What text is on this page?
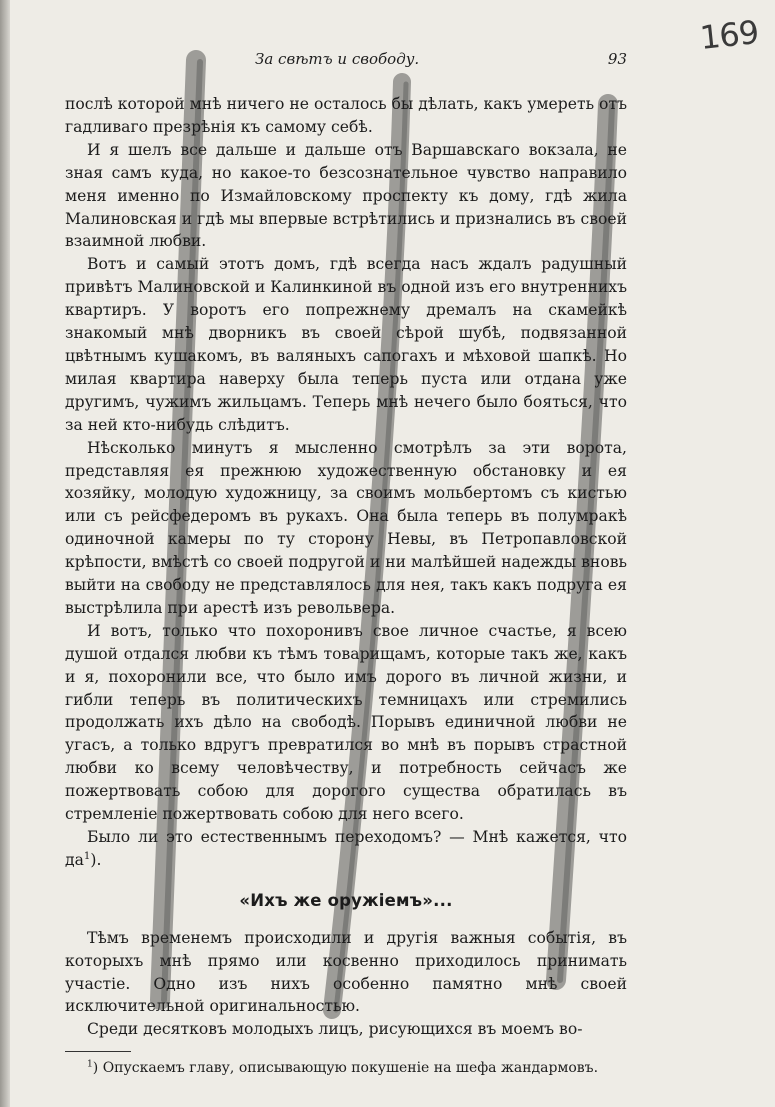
За свѣтъ и свободу.	93
169

послѣ которой мнѣ ничего не осталось бы дѣлать, какъ умереть отъ гадливаго презрѣнія къ самому себѣ.

И я шелъ все дальше и дальше отъ Варшавскаго вокзала, не зная самъ куда, но какое-то безсознательное чувство направило меня именно по Измайловскому проспекту къ дому, гдѣ жила Малиновская и гдѣ мы впервые встрѣтились и признались въ своей взаимной любви.

Вотъ и самый этотъ домъ, гдѣ всегда насъ ждалъ радушный привѣтъ Малиновской и Калинкиной въ одной изъ его внутреннихъ квартиръ. У воротъ его попрежнему дремалъ на скамейкѣ знакомый мнѣ дворникъ въ своей сѣрой шубѣ, подвязанной цвѣтнымъ кушакомъ, въ валяныхъ сапогахъ и мѣховой шапкѣ. Но милая квартира наверху была теперь пуста или отдана уже другимъ, чужимъ жильцамъ. Теперь мнѣ нечего было бояться, что за ней кто-нибудь слѣдитъ.

Нѣсколько минутъ я мысленно смотрѣлъ за эти ворота, представляя ея прежнюю художественную обстановку и ея хозяйку, молодую художницу, за своимъ мольбертомъ съ кистью или съ рейсфедеромъ въ рукахъ. Она была теперь въ полумракѣ одиночной камеры по ту сторону Невы, въ Петропавловской крѣпости, вмѣстѣ со своей подругой и ни малѣйшей надежды вновь выйти на свободу не представлялось для нея, такъ какъ подруга ея выстрѣлила при арестѣ изъ револьвера.

И вотъ, только что похоронивъ свое личное счастье, я всею душой отдался любви къ тѣмъ товарищамъ, которые такъ же, какъ и я, похоронили все, что было имъ дорого въ личной жизни, и гибли теперь въ политическихъ темницахъ или стремились продолжать ихъ дѣло на свободѣ. Порывъ единичной любви не угасъ, а только вдругъ превратился во мнѣ въ порывъ страстной любви ко всему человѣчеству, и потребность сейчасъ же пожертвовать собою для дорогого существа обратилась въ стремленіе пожертвовать собою для него всего.

Было ли это естественнымъ переходомъ? — Мнѣ кажется, что $да^1$).

«Ихъ же оружіемъ»...

Тѣмъ временемъ происходили и другія важныя событія, въ которыхъ мнѣ прямо или косвенно приходилось принимать участіе. Одно изъ нихъ особенно памятно мнѣ своей исключительной оригинальностью.

Среди десятковъ молодыхъ лицъ, рисующихся въ моемъ во-

$^1$) Опускаемъ главу, описывающую покушеніе на шефа жандармовъ.
